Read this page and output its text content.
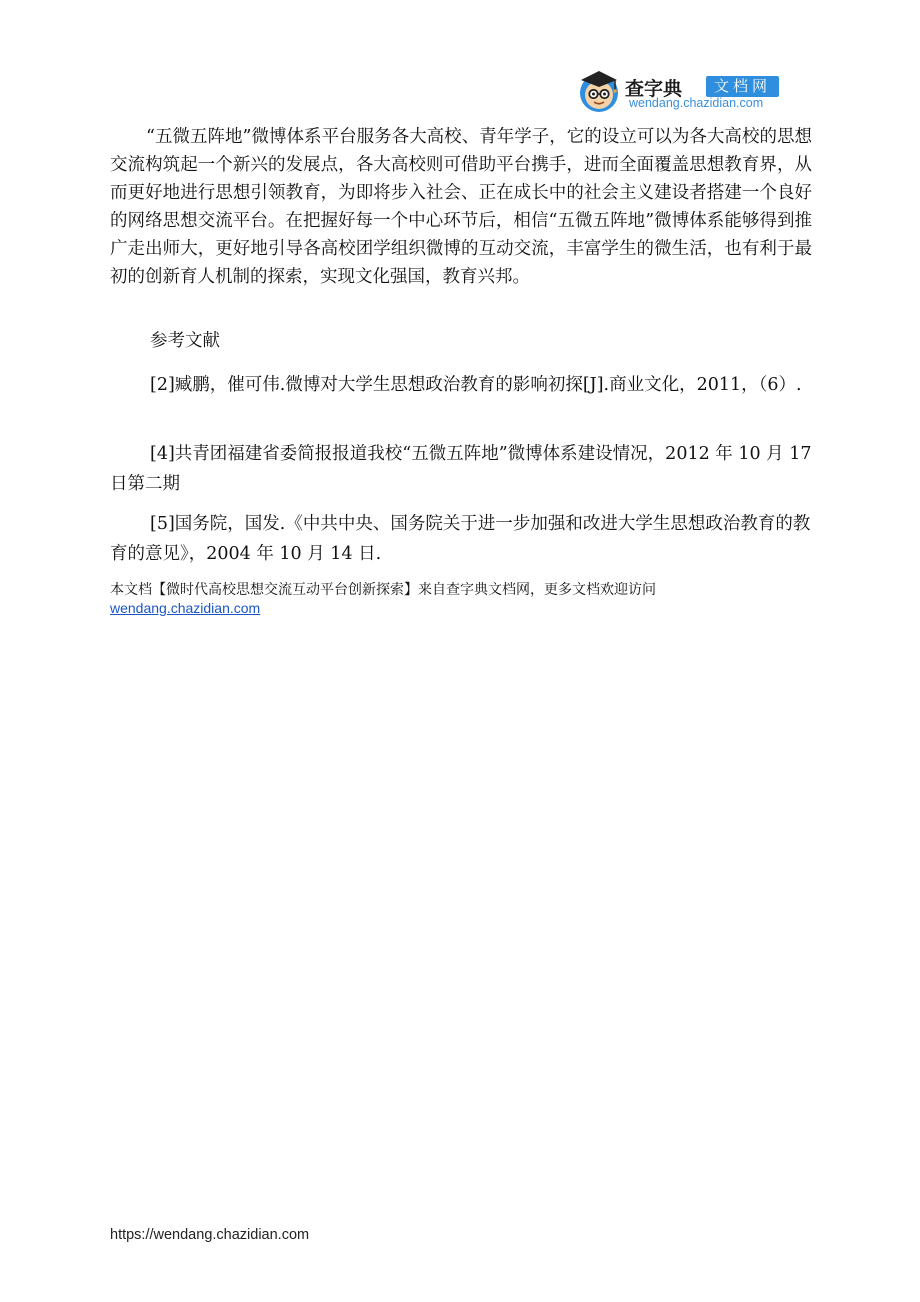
查字典	文档网
wendang.chazidian.com

“五微五阵地”微博体系平台服务各大高校、青年学子，它的设立可以为各大高校的思想交流构筑起一个新兴的发展点，各大高校则可借助平台携手，进而全面覆盖思想教育界，从而更好地进行思想引领教育，为即将步入社会、正在成长中的社会主义建设者搭建一个良好的网络思想交流平台。在把握好每一个中心环节后，相信“五微五阵地”微博体系能够得到推广走出师大，更好地引导各高校团学组织微博的互动交流，丰富学生的微生活，也有利于最初的创新育人机制的探索，实现文化强国，教育兴邦。

参考文献

[2]臧鹏，催可伟.微博对大学生思想政治教育的影响初探[J].商业文化，2011，（6）.

[4]共青团福建省委简报报道我校“五微五阵地”微博体系建设情况，2012 年 10 月 17 日第二期

[5]国务院，国发.《中共中央、国务院关于进一步加强和改进大学生思想政治教育的教育的意见》，2004 年 10 月 14 日.

本文档【微时代高校思想交流互动平台创新探索】来自查字典文档网，更多文档欢迎访问
wendang.chazidian.com

https://wendang.chazidian.com
